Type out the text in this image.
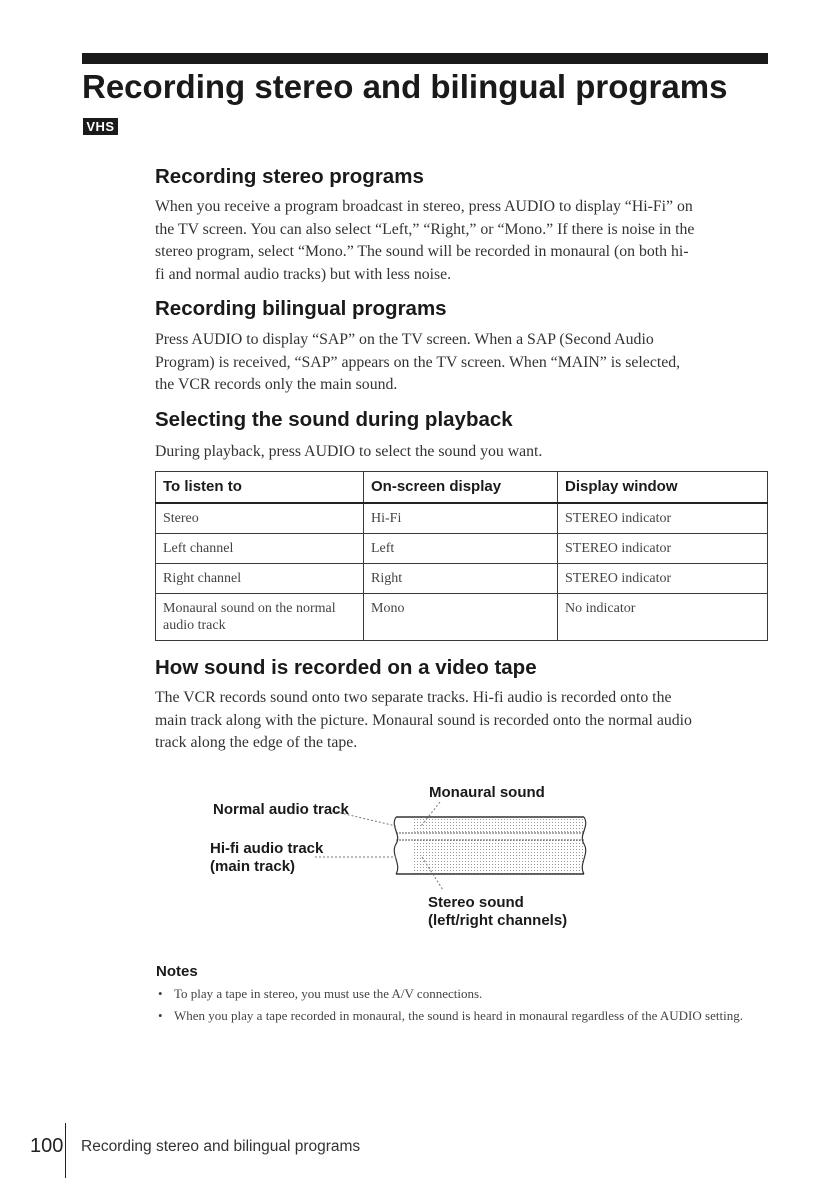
Recording stereo and bilingual programs
VHS
Recording stereo programs

When you receive a program broadcast in stereo, press AUDIO to display “Hi-Fi” on
the TV screen. You can also select “Left,” “Right,” or “Mono.” If there is noise in the
stereo program, select “Mono.” The sound will be recorded in monaural (on both hi-
fi and normal audio tracks) but with less noise.

Recording bilingual programs

Press AUDIO to display “SAP” on the TV screen. When a SAP (Second Audio
Program) is received, “SAP” appears on the TV screen. When “MAIN” is selected,
the VCR records only the main sound.

Selecting the sound during playback

During playback, press AUDIO to select the sound you want.

To listen to	On-screen display	Display window
Stereo	Hi-Fi	STEREO indicator
Left channel	Left	STEREO indicator
Right channel	Right	STEREO indicator
Monaural sound on the normal audio track	Mono	No indicator
How sound is recorded on a video tape

The VCR records sound onto two separate tracks. Hi-fi audio is recorded onto the
main track along with the picture. Monaural sound is recorded onto the normal audio
track along the edge of the tape.

Monaural sound
Normal audio track
Hi-fi audio track
(main track)
Stereo sound
(left/right channels)
Notes
• To play a tape in stereo, you must use the A/V connections.
• When you play a tape recorded in monaural, the sound is heard in monaural regardless of the AUDIO setting.
100 Recording stereo and bilingual programs
